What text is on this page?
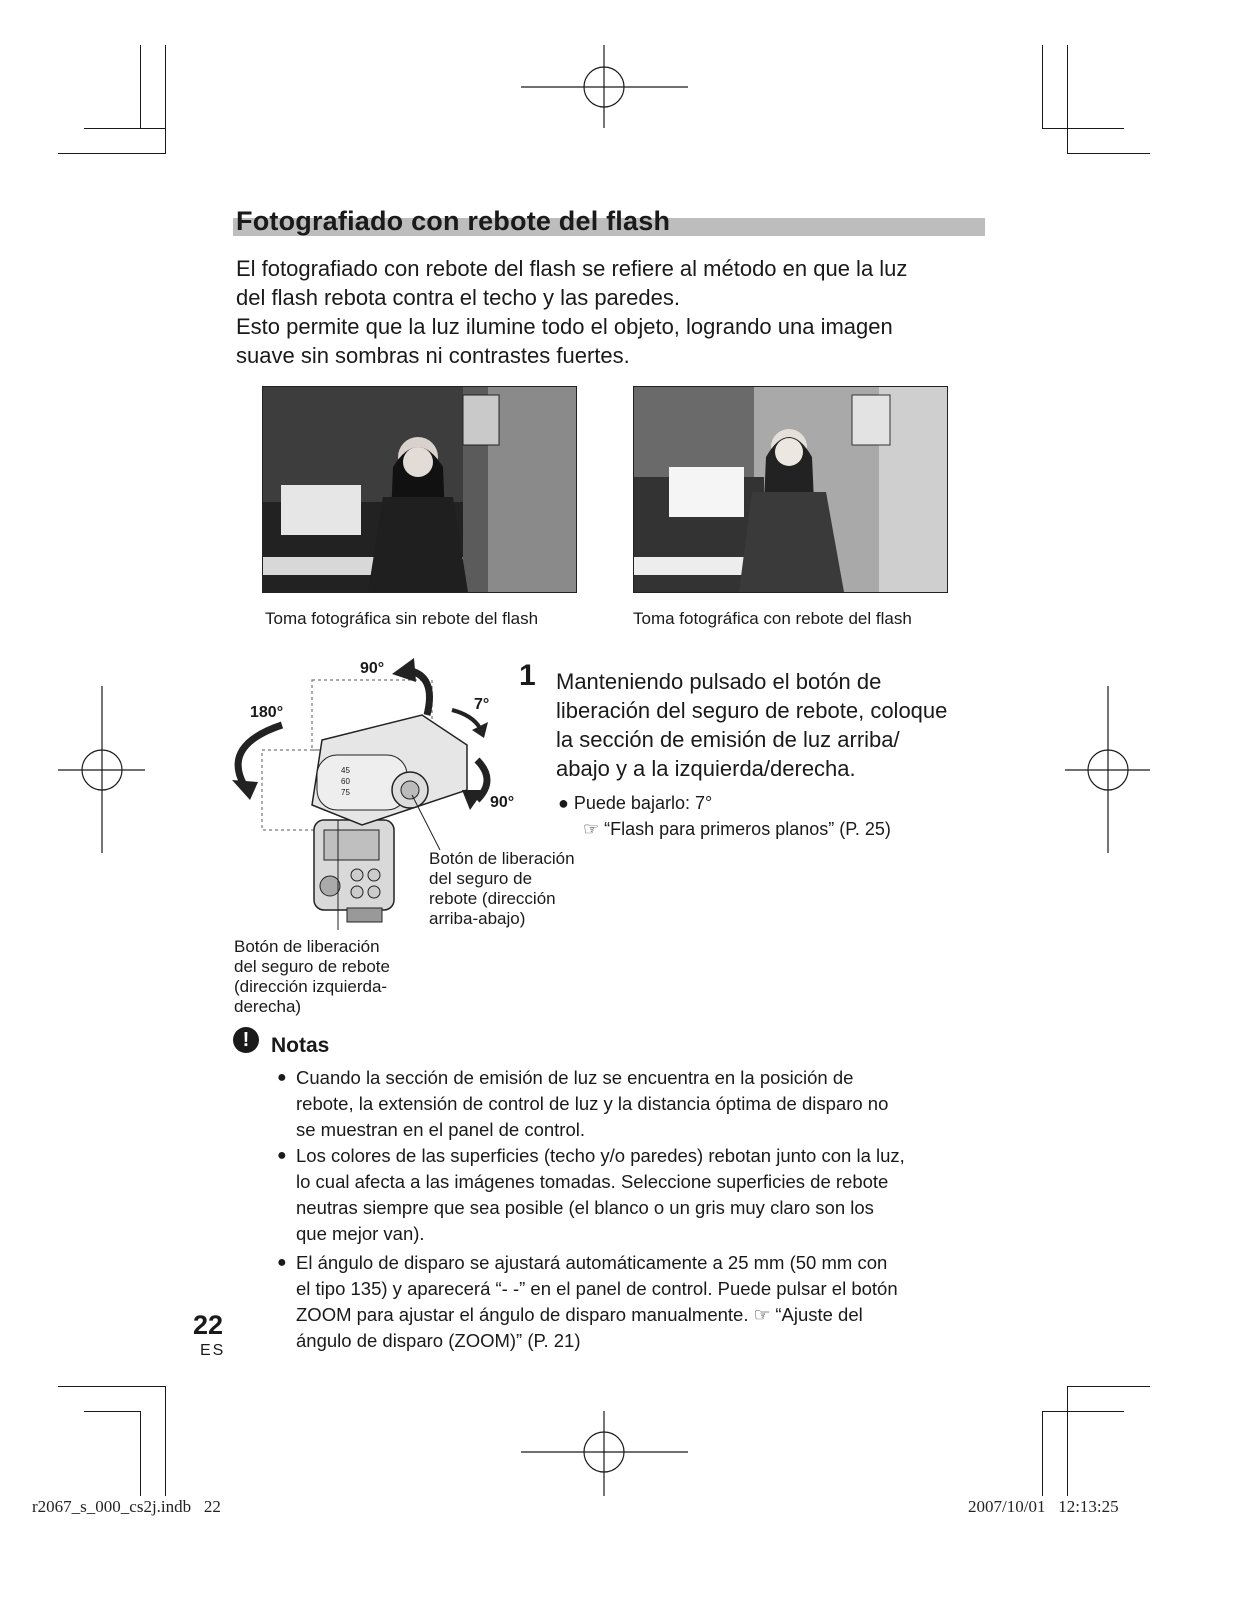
Fotografiado con rebote del flash
El fotografiado con rebote del flash se refiere al método en que la luz
del flash rebota contra el techo y las paredes.
Esto permite que la luz ilumine todo el objeto, logrando una imagen
suave sin sombras ni contrastes fuertes.
Toma fotográfica sin rebote del flash	Toma fotográfica con rebote del flash
90°
180°	7°
90°
45
60
75
Botón de liberación
del seguro de
rebote (dirección
arriba-abajo)
Botón de liberación
del seguro de rebote
(dirección izquierda-
derecha)
1 Manteniendo pulsado el botón de
liberación del seguro de rebote, coloque
la sección de emisión de luz arriba/
abajo y a la izquierda/derecha.
● Puede bajarlo: 7°
☞ “Flash para primeros planos” (P. 25)
!	Notas
● Cuando la sección de emisión de luz se encuentra en la posición de
rebote, la extensión de control de luz y la distancia óptima de disparo no
se muestran en el panel de control.
● Los colores de las superficies (techo y/o paredes) rebotan junto con la luz,
lo cual afecta a las imágenes tomadas. Seleccione superficies de rebote
neutras siempre que sea posible (el blanco o un gris muy claro son los
que mejor van).
● El ángulo de disparo se ajustará automáticamente a 25 mm (50 mm con
el tipo 135) y aparecerá “- -” en el panel de control. Puede pulsar el botón
ZOOM para ajustar el ángulo de disparo manualmente. ☞ “Ajuste del
ángulo de disparo (ZOOM)” (P. 21)
22
ES
r2067_s_000_cs2j.indb   22	2007/10/01   12:13:25
